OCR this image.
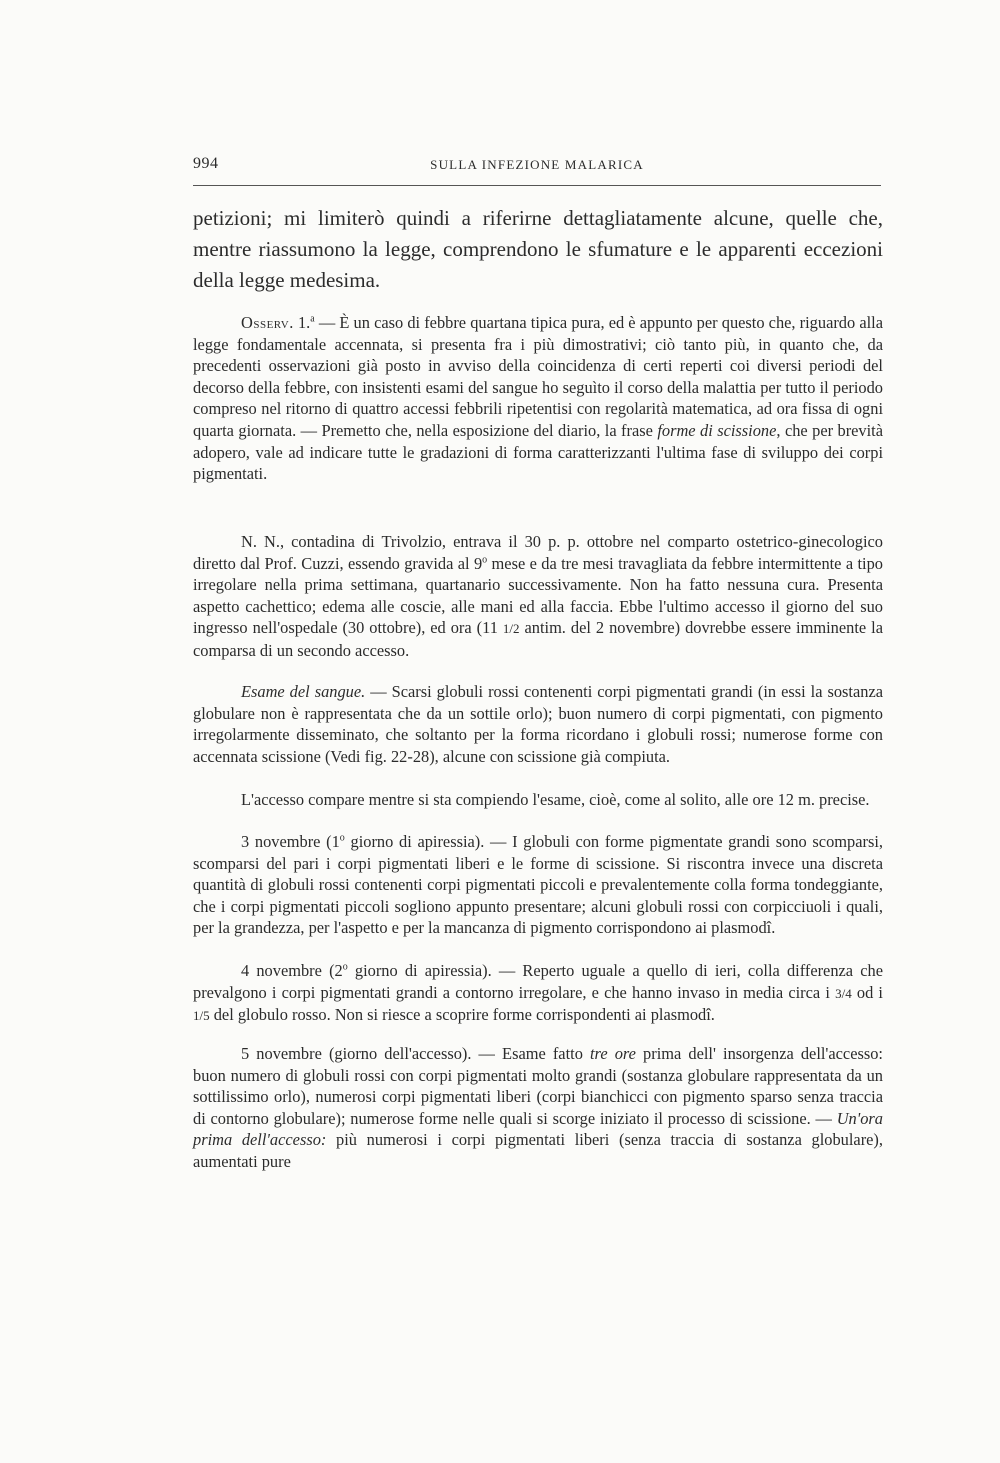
994	SULLA INFEZIONE MALARICA

petizioni; mi limiterò quindi a riferirne dettagliatamente alcune, quelle che, mentre riassumono la legge, comprendono le sfumature e le apparenti eccezioni della legge medesima.

Osserv. 1.$^a$ — È un caso di febbre quartana tipica pura, ed è appunto per questo che, riguardo alla legge fondamentale accennata, si presenta fra i più dimostrativi; ciò tanto più, in quanto che, da precedenti osservazioni già posto in avviso della coincidenza di certi reperti coi diversi periodi del decorso della febbre, con insistenti esami del sangue ho seguìto il corso della malattia per tutto il periodo compreso nel ritorno di quattro accessi febbrili ripetentisi con regolarità matematica, ad ora fissa di ogni quarta giornata. — Premetto che, nella esposizione del diario, la frase forme di scissione, che per brevità adopero, vale ad indicare tutte le gradazioni di forma caratterizzanti l'ultima fase di sviluppo dei corpi pigmentati.

N. N., contadina di Trivolzio, entrava il 30 p. p. ottobre nel comparto ostetrico-ginecologico diretto dal Prof. Cuzzi, essendo gravida al 9$^o$ mese e da tre mesi travagliata da febbre intermittente a tipo irregolare nella prima settimana, quartanario successivamente. Non ha fatto nessuna cura. Presenta aspetto cachettico; edema alle coscie, alle mani ed alla faccia. Ebbe l'ultimo accesso il giorno del suo ingresso nell'ospedale (30 ottobre), ed ora (11 1/2 antim. del 2 novembre) dovrebbe essere imminente la comparsa di un secondo accesso.

Esame del sangue. — Scarsi globuli rossi contenenti corpi pigmentati grandi (in essi la sostanza globulare non è rappresentata che da un sottile orlo); buon numero di corpi pigmentati, con pigmento irregolarmente disseminato, che soltanto per la forma ricordano i globuli rossi; numerose forme con accennata scissione (Vedi fig. 22-28), alcune con scissione già compiuta.

L'accesso compare mentre si sta compiendo l'esame, cioè, come al solito, alle ore 12 m. precise.

3 novembre (1$^o$ giorno di apiressia). — I globuli con forme pigmentate grandi sono scomparsi, scomparsi del pari i corpi pigmentati liberi e le forme di scissione. Si riscontra invece una discreta quantità di globuli rossi contenenti corpi pigmentati piccoli e prevalentemente colla forma tondeggiante, che i corpi pigmentati piccoli sogliono appunto presentare; alcuni globuli rossi con corpicciuoli i quali, per la grandezza, per l'aspetto e per la mancanza di pigmento corrispondono ai plasmodî.

4 novembre (2$^o$ giorno di apiressia). — Reperto uguale a quello di ieri, colla differenza che prevalgono i corpi pigmentati grandi a contorno irregolare, e che hanno invaso in media circa i 3/4 od i 1/5 del globulo rosso. Non si riesce a scoprire forme corrispondenti ai plasmodî.

5 novembre (giorno dell'accesso). — Esame fatto tre ore prima dell' insorgenza dell'accesso: buon numero di globuli rossi con corpi pigmentati molto grandi (sostanza globulare rappresentata da un sottilissimo orlo), numerosi corpi pigmentati liberi (corpi bianchicci con pigmento sparso senza traccia di contorno globulare); numerose forme nelle quali si scorge iniziato il processo di scissione. — Un'ora prima dell'accesso: più numerosi i corpi pigmentati liberi (senza traccia di sostanza globulare), aumentati pure
